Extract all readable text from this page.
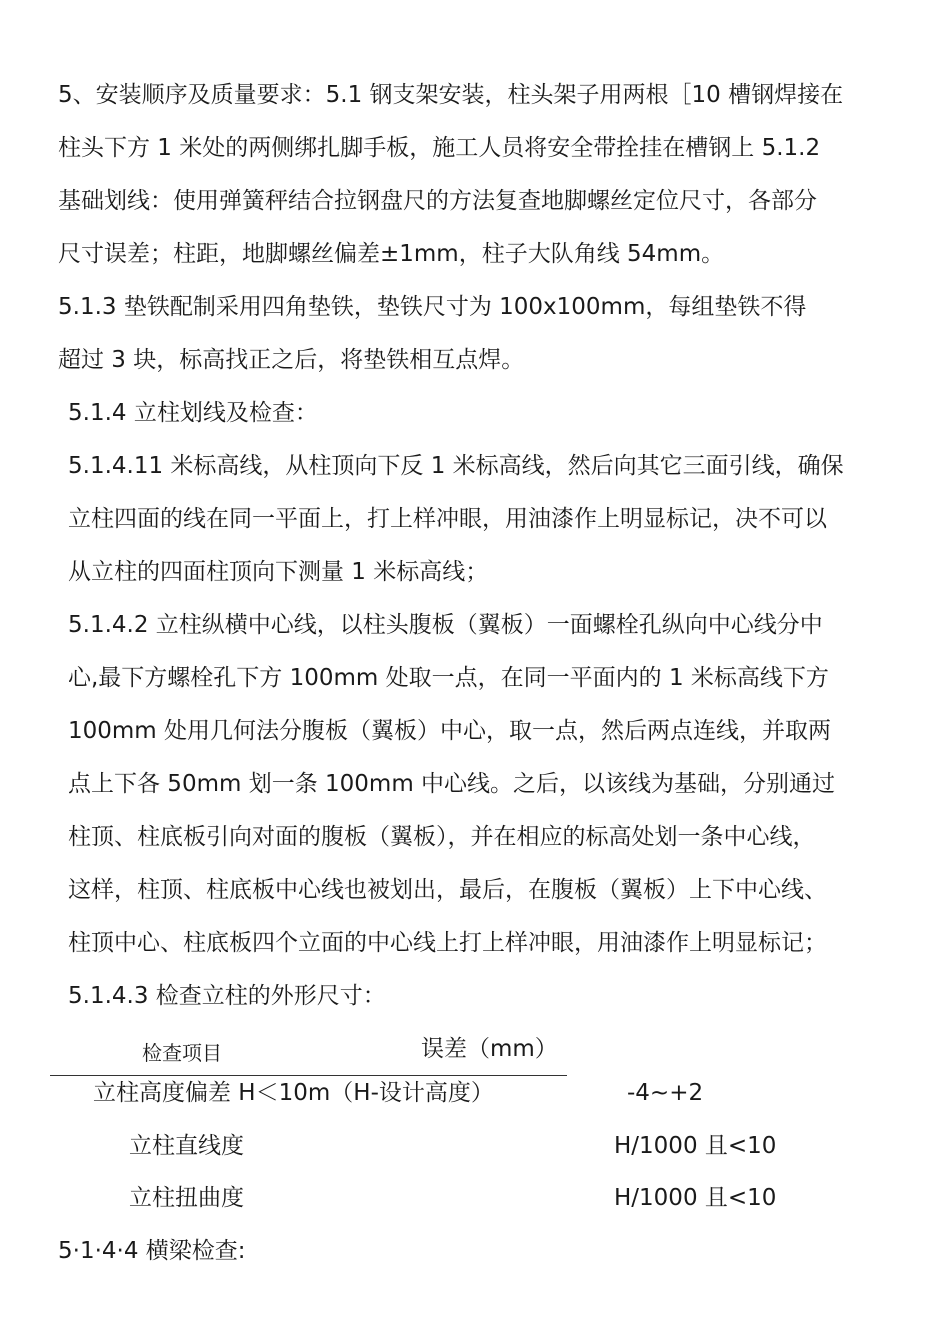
5、安装顺序及质量要求：5.1 钢支架安装，柱头架子用两根［10 槽钢焊接在
柱头下方 1 米处的两侧绑扎脚手板，施工人员将安全带拴挂在槽钢上 5.1.2
基础划线：使用弹簧秤结合拉钢盘尺的方法复查地脚螺丝定位尺寸，各部分
尺寸误差；柱距，地脚螺丝偏差±1mm，柱子大队角线 54mm。
5.1.3 垫铁配制采用四角垫铁，垫铁尺寸为 100x100mm，每组垫铁不得
超过 3 块，标高找正之后，将垫铁相互点焊。
5.1.4 立柱划线及检查：
5.1.4.11 米标高线，从柱顶向下反 1 米标高线，然后向其它三面引线，确保
立柱四面的线在同一平面上，打上样冲眼，用油漆作上明显标记，决不可以
从立柱的四面柱顶向下测量 1 米标高线；
5.1.4.2 立柱纵横中心线，以柱头腹板（翼板）一面螺栓孔纵向中心线分中
心,最下方螺栓孔下方 100mm 处取一点，在同一平面内的 1 米标高线下方
100mm 处用几何法分腹板（翼板）中心，取一点，然后两点连线，并取两
点上下各 50mm 划一条 100mm 中心线。之后，以该线为基础，分别通过
柱顶、柱底板引向对面的腹板（翼板），并在相应的标高处划一条中心线，
这样，柱顶、柱底板中心线也被划出，最后，在腹板（翼板）上下中心线、
柱顶中心、柱底板四个立面的中心线上打上样冲眼，用油漆作上明显标记；
5.1.4.3 检查立柱的外形尺寸：
检查项目	误差（mm）
立柱高度偏差 H＜10m（H-设计高度）	-4~+2
立柱直线度	H/1000 且<10
立柱扭曲度	H/1000 且<10
5·1·4·4 横梁检查:
